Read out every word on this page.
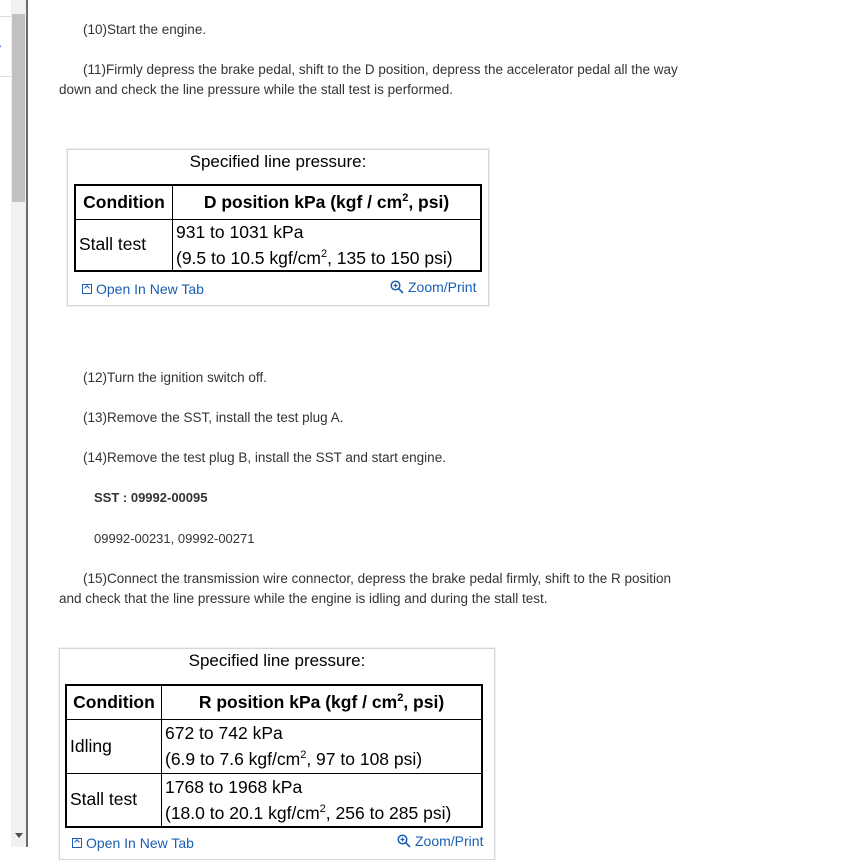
(10)Start the engine.
(11)Firmly depress the brake pedal, shift to the D position, depress the accelerator pedal all the way down and check the line pressure while the stall test is performed.
Specified line pressure:
Condition	D position kPa ($kgf / cm^2$, psi)
Stall test	931 to 1031 kPa
(9.5 to 10.5 kgf/$cm^2$, 135 to 150 psi)
Open In New Tab	Zoom/Print
(12)Turn the ignition switch off.
(13)Remove the SST, install the test plug A.
(14)Remove the test plug B, install the SST and start engine.
SST : 09992-00095
09992-00231, 09992-00271
(15)Connect the transmission wire connector, depress the brake pedal firmly, shift to the R position and check that the line pressure while the engine is idling and during the stall test.
Specified line pressure:
Condition	R position kPa ($kgf / cm^2$, psi)
Idling	672 to 742 kPa
(6.9 to 7.6 kgf/$cm^2$, 97 to 108 psi)

Stall test	1768 to 1968 kPa
(18.0 to 20.1 kgf/$cm^2$, 256 to 285 psi)
Open In New Tab	Zoom/Print
